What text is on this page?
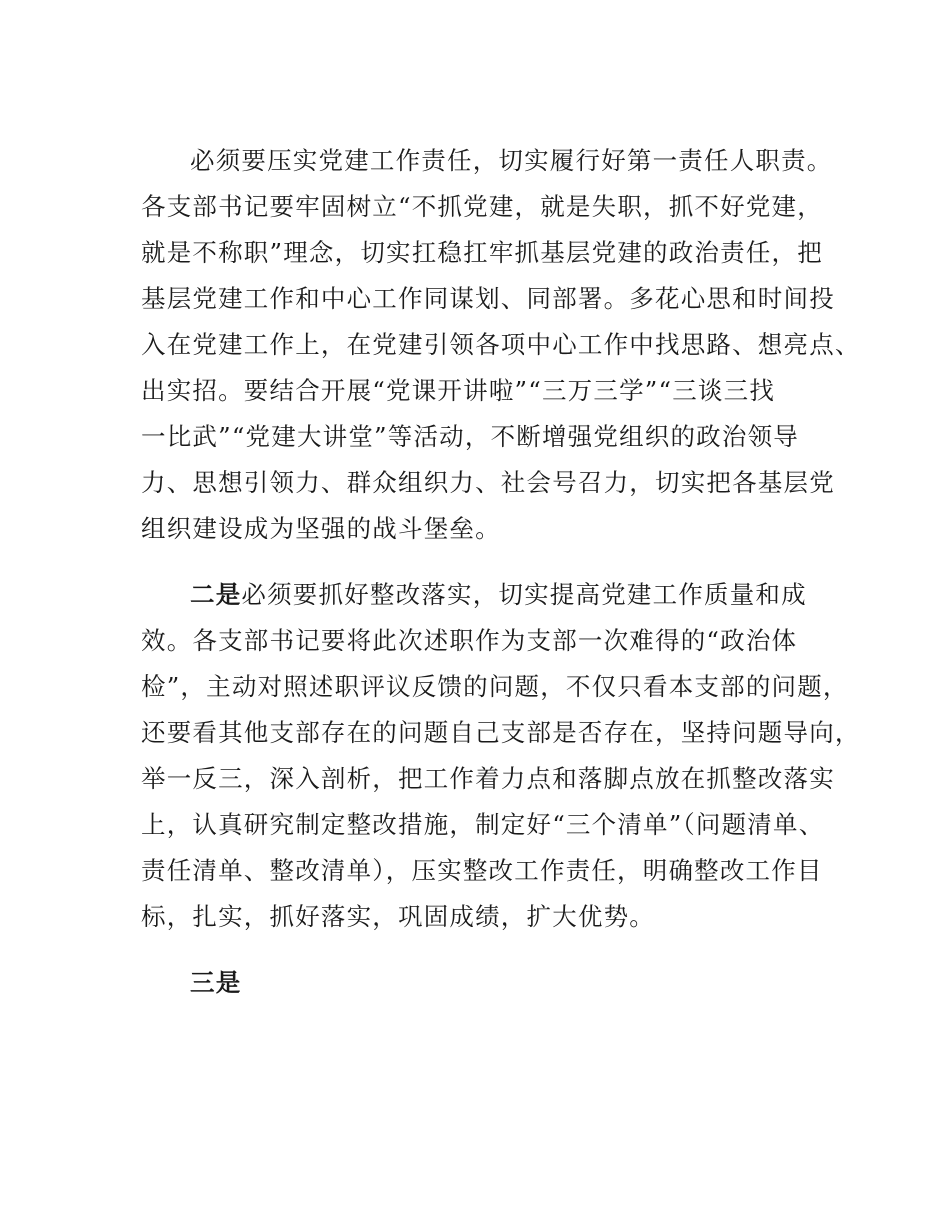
必须要压实党建工作责任，切实履行好第一责任人职责。
各支部书记要牢固树立“不抓党建，就是失职，抓不好党建，
就是不称职”理念，切实扛稳扛牢抓基层党建的政治责任，把
基层党建工作和中心工作同谋划、同部署。多花心思和时间投
入在党建工作上，在党建引领各项中心工作中找思路、想亮点、
出实招。要结合开展“党课开讲啦”“三万三学”“三谈三找
一比武”“党建大讲堂”等活动，不断增强党组织的政治领导
力、思想引领力、群众组织力、社会号召力，切实把各基层党
组织建设成为坚强的战斗堡垒。
二是必须要抓好整改落实，切实提高党建工作质量和成
效。各支部书记要将此次述职作为支部一次难得的“政治体
检”，主动对照述职评议反馈的问题，不仅只看本支部的问题，
还要看其他支部存在的问题自己支部是否存在，坚持问题导向，
举一反三，深入剖析，把工作着力点和落脚点放在抓整改落实
上，认真研究制定整改措施，制定好“三个清单”（问题清单、
责任清单、整改清单），压实整改工作责任，明确整改工作目
标，扎实，抓好落实，巩固成绩，扩大优势。
三是
